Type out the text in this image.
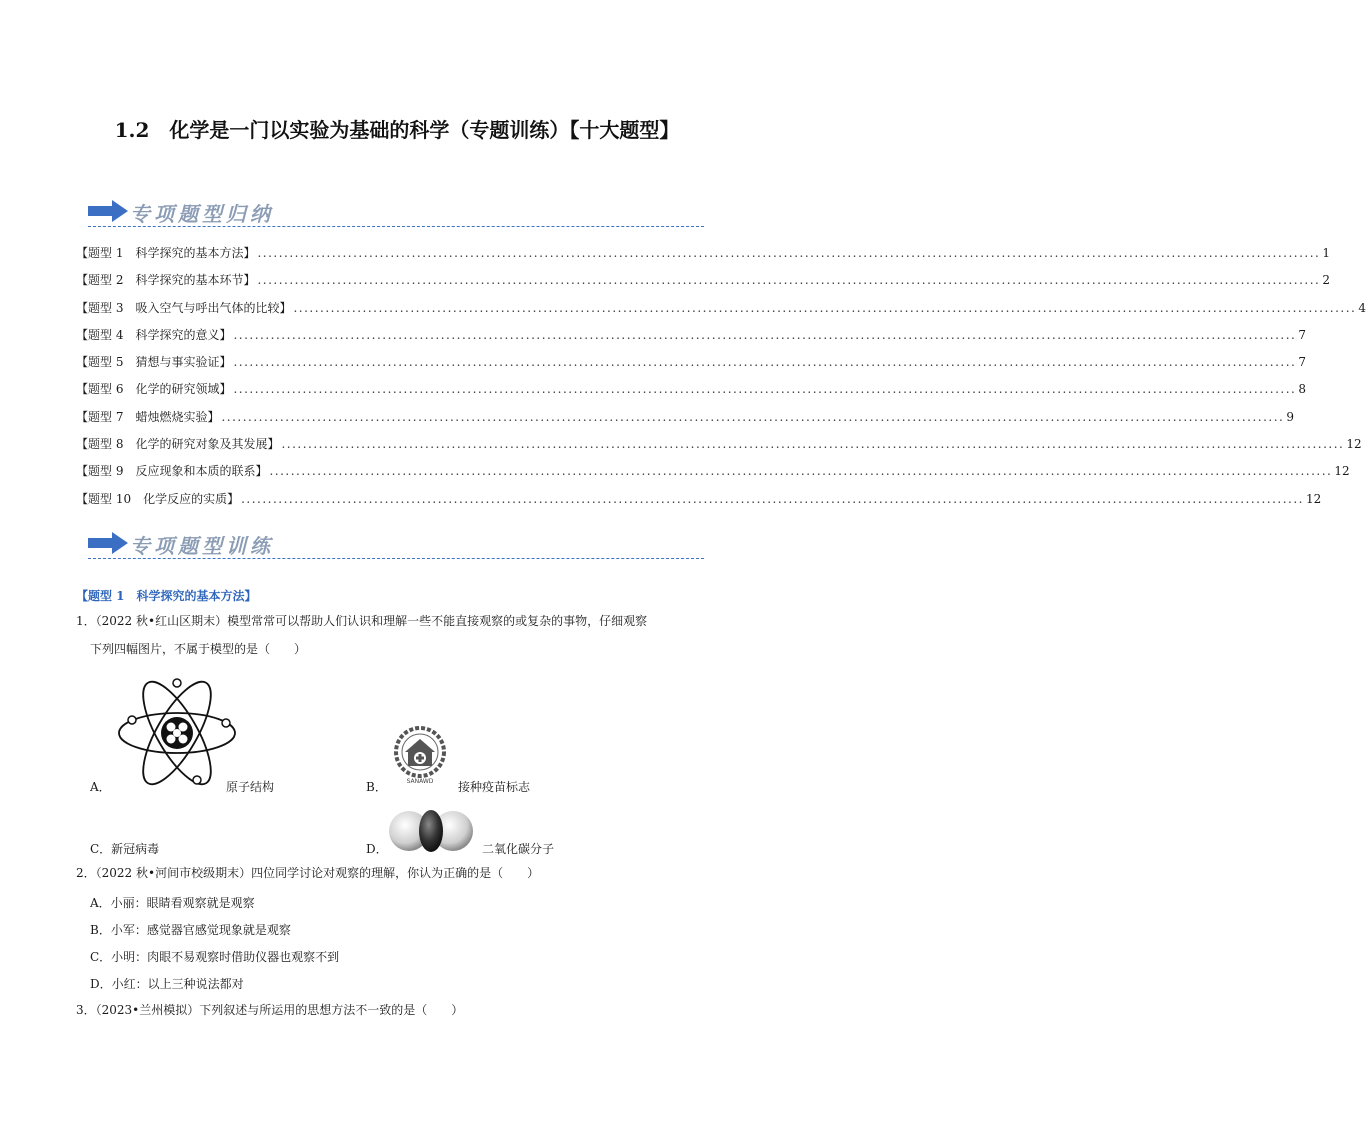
1.2 化学是一门以实验为基础的科学（专题训练）【十大题型】
专项题型归纳
【题型 1　科学探究的基本方法】 ........................................................................................................................................................................................................ 1
【题型 2　科学探究的基本环节】 ........................................................................................................................................................................................................ 2
【题型 3　吸入空气与呼出气体的比较】 ........................................................................................................................................................................................................ 4
【题型 4　科学探究的意义】 ........................................................................................................................................................................................................ 7
【题型 5　猜想与事实验证】 ........................................................................................................................................................................................................ 7
【题型 6　化学的研究领域】 ........................................................................................................................................................................................................ 8
【题型 7　蜡烛燃烧实验】 ........................................................................................................................................................................................................ 9
【题型 8　化学的研究对象及其发展】 ........................................................................................................................................................................................................ 12
【题型 9　反应现象和本质的联系】 ........................................................................................................................................................................................................ 12
【题型 10　化学反应的实质】 ........................................................................................................................................................................................................ 12
专项题型训练
【题型 1　科学探究的基本方法】
1．（2022 秋•红山区期末）模型常常可以帮助人们认识和理解一些不能直接观察的或复杂的事物，仔细观察
下列四幅图片，不属于模型的是（　　）
SANAWD
A．	原子结构	B．	接种疫苗标志
C．新冠病毒	D．	二氧化碳分子
2．（2022 秋•河间市校级期末）四位同学讨论对观察的理解，你认为正确的是（　　）
A．小丽：眼睛看观察就是观察
B．小军：感觉器官感觉现象就是观察
C．小明：肉眼不易观察时借助仪器也观察不到
D．小红：以上三种说法都对
3．（2023•兰州模拟）下列叙述与所运用的思想方法不一致的是（　　）
